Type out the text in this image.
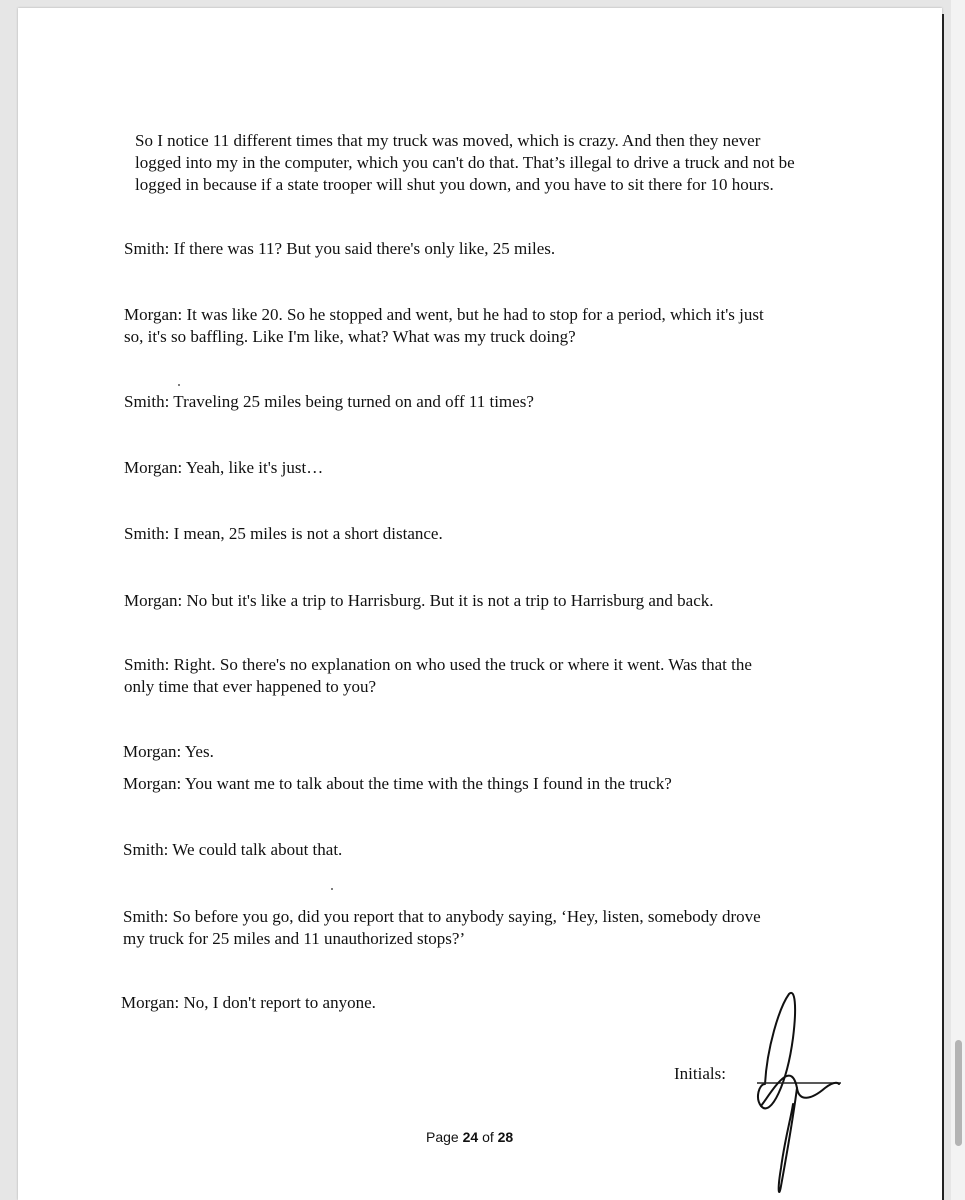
So I notice 11 different times that my truck was moved, which is crazy. And then they never
logged into my in the computer, which you can't do that. That’s illegal to drive a truck and not be
logged in because if a state trooper will shut you down, and you have to sit there for 10 hours.

Smith: If there was 11? But you said there's only like, 25 miles.

Morgan: It was like 20. So he stopped and went, but he had to stop for a period, which it's just
so, it's so baffling. Like I'm like, what? What was my truck doing?

Smith: Traveling 25 miles being turned on and off 11 times?

Morgan: Yeah, like it's just…

Smith: I mean, 25 miles is not a short distance.

Morgan: No but it's like a trip to Harrisburg. But it is not a trip to Harrisburg and back.

Smith: Right. So there's no explanation on who used the truck or where it went. Was that the
only time that ever happened to you?

Morgan: Yes.

Morgan: You want me to talk about the time with the things I found in the truck?

Smith: We could talk about that.

Smith: So before you go, did you report that to anybody saying, ‘Hey, listen, somebody drove
my truck for 25 miles and 11 unauthorized stops?’

Morgan: No, I don't report to anyone.

Initials:
Page 24 of 28
